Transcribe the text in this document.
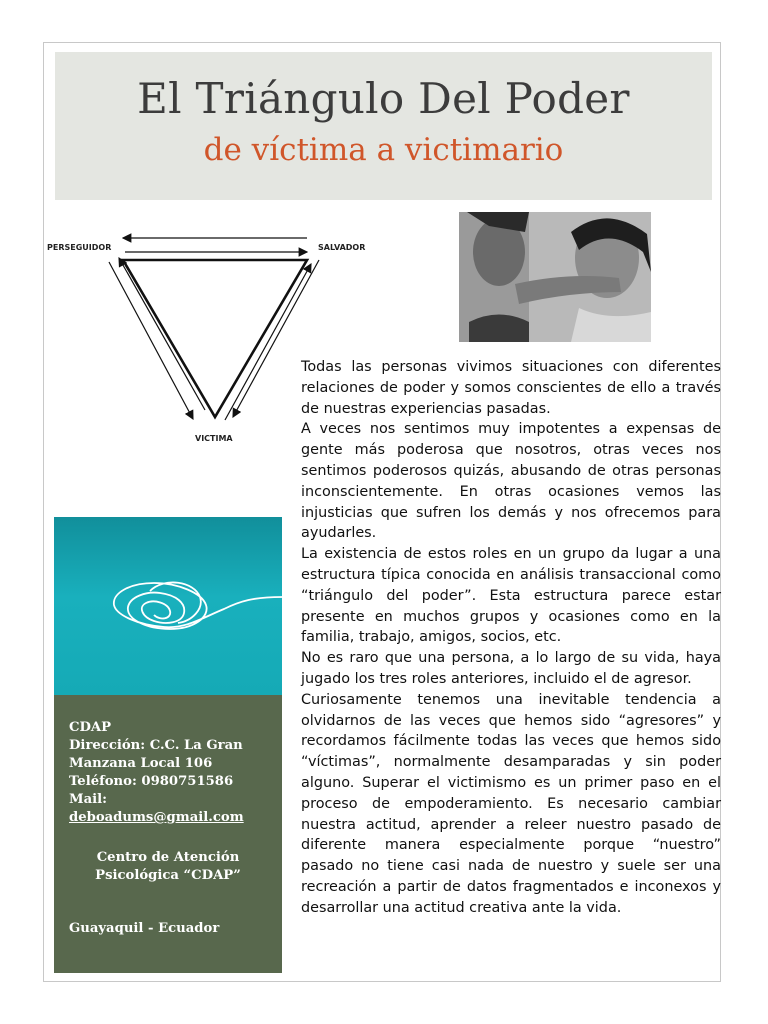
El Triángulo Del Poder
de víctima a victimario
PERSEGUIDOR	SALVADOR
VICTIMA
CDAP
Dirección: C.C. La Gran
Manzana Local 106
Teléfono: 0980751586
Mail:
deboadums@gmail.com
Centro de Atención
Psicológica “CDAP”
Guayaquil - Ecuador

Todas las personas vivimos situaciones con diferentes relaciones de poder y somos conscientes de ello a través de nuestras experiencias pasadas.

A veces nos sentimos muy impotentes a expensas de gente más poderosa que nosotros, otras veces nos sentimos poderosos quizás, abusando de otras personas inconscientemente. En otras ocasiones vemos las injusticias que sufren los demás y nos ofrecemos para ayudarles.

La existencia de estos roles en un grupo da lugar a una estructura típica conocida en análisis transaccional como “triángulo del poder”. Esta estructura parece estar presente en muchos grupos y ocasiones como en la familia, trabajo, amigos, socios, etc.

No es raro que una persona, a lo largo de su vida, haya jugado los tres roles anteriores, incluido el de agresor.

Curiosamente tenemos una inevitable tendencia a olvidarnos de las veces que hemos sido “agresores” y recordamos fácilmente todas las veces que hemos sido “víctimas”, normalmente desamparadas y sin poder alguno. Superar el victimismo es un primer paso en el proceso de empoderamiento. Es necesario cambiar nuestra actitud, aprender a releer nuestro pasado de diferente manera especialmente porque “nuestro” pasado no tiene casi nada de nuestro y suele ser una recreación a partir de datos fragmentados e inconexos y desarrollar una actitud creativa ante la vida.
